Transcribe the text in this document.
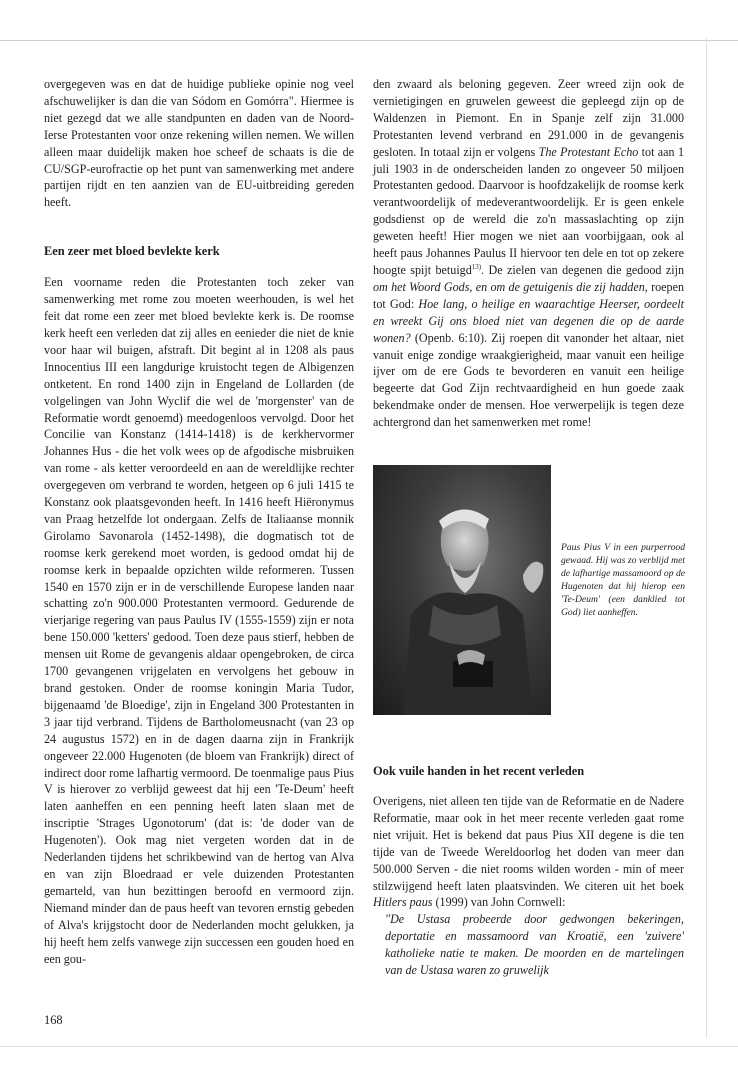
overgegeven was en dat de huidige publieke opinie nog veel afschuwelijker is dan die van Sódom en Gomórra". Hiermee is niet gezegd dat we alle standpunten en daden van de Noord-Ierse Protestanten voor onze rekening willen nemen. We willen alleen maar duidelijk maken hoe scheef de schaats is die de CU/SGP-eurofractie op het punt van samenwerking met andere partijen rijdt en ten aanzien van de EU-uitbreiding gereden heeft.

Een zeer met bloed bevlekte kerk

Een voorname reden die Protestanten toch zeker van samenwerking met rome zou moeten weerhouden, is wel het feit dat rome een zeer met bloed bevlekte kerk is. De roomse kerk heeft een verleden dat zij alles en eenieder die niet de knie voor haar wil buigen, afstraft. Dit begint al in 1208 als paus Innocentius III een langdurige kruistocht tegen de Albigenzen ontketent. En rond 1400 zijn in Engeland de Lollarden (de volgelingen van John Wyclif die wel de 'morgenster' van de Reformatie wordt genoemd) meedogenloos vervolgd. Door het Concilie van Konstanz (1414-1418) is de kerkhervormer Johannes Hus - die het volk wees op de afgodische misbruiken van rome - als ketter veroordeeld en aan de wereldlijke rechter overgegeven om verbrand te worden, hetgeen op 6 juli 1415 te Konstanz ook plaatsgevonden heeft. In 1416 heeft Hiëronymus van Praag hetzelfde lot ondergaan. Zelfs de Italiaanse monnik Girolamo Savonarola (1452-1498), die dogmatisch tot de roomse kerk gerekend moet worden, is gedood omdat hij de roomse kerk in bepaalde opzichten wilde reformeren. Tussen 1540 en 1570 zijn er in de verschillende Europese landen naar schatting zo'n 900.000 Protestanten vermoord. Gedurende de vierjarige regering van paus Paulus IV (1555-1559) zijn er nota bene 150.000 'ketters' gedood. Toen deze paus stierf, hebben de mensen uit Rome de gevangenis aldaar opengebroken, de circa 1700 gevangenen vrijgelaten en vervolgens het gebouw in brand gestoken. Onder de roomse koningin Maria Tudor, bijgenaamd 'de Bloedige', zijn in Engeland 300 Protestanten in 3 jaar tijd verbrand. Tijdens de Bartholomeusnacht (van 23 op 24 augustus 1572) en in de dagen daarna zijn in Frankrijk ongeveer 22.000 Hugenoten (de bloem van Frankrijk) direct of indirect door rome lafhartig vermoord. De toenmalige paus Pius V is hierover zo verblijd geweest dat hij een 'Te-Deum' heeft laten aanheffen en een penning heeft laten slaan met de inscriptie 'Strages Ugonotorum' (dat is: 'de doder van de Hugenoten'). Ook mag niet vergeten worden dat in de Nederlanden tijdens het schrikbewind van de hertog van Alva en van zijn Bloedraad er vele duizenden Protestanten gemarteld, van hun bezittingen beroofd en vermoord zijn. Niemand minder dan de paus heeft van tevoren ernstig gebeden of Alva's krijgstocht door de Nederlanden mocht gelukken, ja hij heeft hem zelfs vanwege zijn successen een gouden hoed en een gou-

den zwaard als beloning gegeven. Zeer wreed zijn ook de vernietigingen en gruwelen geweest die gepleegd zijn op de Waldenzen in Piemont. En in Spanje zelf zijn 31.000 Protestanten levend verbrand en 291.000 in de gevangenis gesloten. In totaal zijn er volgens The Protestant Echo tot aan 1 juli 1903 in de onderscheiden landen zo ongeveer 50 miljoen Protestanten gedood. Daarvoor is hoofdzakelijk de roomse kerk verantwoordelijk of medeverantwoordelijk. Er is geen enkele godsdienst op de wereld die zo'n massaslachting op zijn geweten heeft! Hier mogen we niet aan voorbijgaan, ook al heeft paus Johannes Paulus II hiervoor ten dele en tot op zekere hoogte spijt betuigd$^{13)}$. De zielen van degenen die gedood zijn om het Woord Gods, en om de getuigenis die zij hadden, roepen tot God: Hoe lang, o heilige en waarachtige Heerser, oordeelt en wreekt Gij ons bloed niet van degenen die op de aarde wonen? (Openb. 6:10). Zij roepen dit vanonder het altaar, niet vanuit enige zondige wraakgierigheid, maar vanuit een heilige ijver om de ere Gods te bevorderen en vanuit een heilige begeerte dat God Zijn rechtvaardigheid en hun goede zaak bekendmake onder de mensen. Hoe verwerpelijk is tegen deze achtergrond dan het samenwerken met rome!

Paus Pius V in een purperrood gewaad. Hij was zo verblijd met de lafhartige massamoord op de Hugenoten dat hij hierop een 'Te-Deum' (een danklied tot God) liet aanheffen.
Ook vuile handen in het recent verleden

Overigens, niet alleen ten tijde van de Reformatie en de Nadere Reformatie, maar ook in het meer recente verleden gaat rome niet vrijuit. Het is bekend dat paus Pius XII degene is die ten tijde van de Tweede Wereldoorlog het doden van meer dan 500.000 Serven - die niet rooms wilden worden - min of meer stilzwijgend heeft laten plaatsvinden. We citeren uit het boek Hitlers paus (1999) van John Cornwell:

"De Ustasa probeerde door gedwongen bekeringen, deportatie en massamoord van Kroatië, een 'zuivere' katholieke natie te maken. De moorden en de martelingen van de Ustasa waren zo gruwelijk

168
